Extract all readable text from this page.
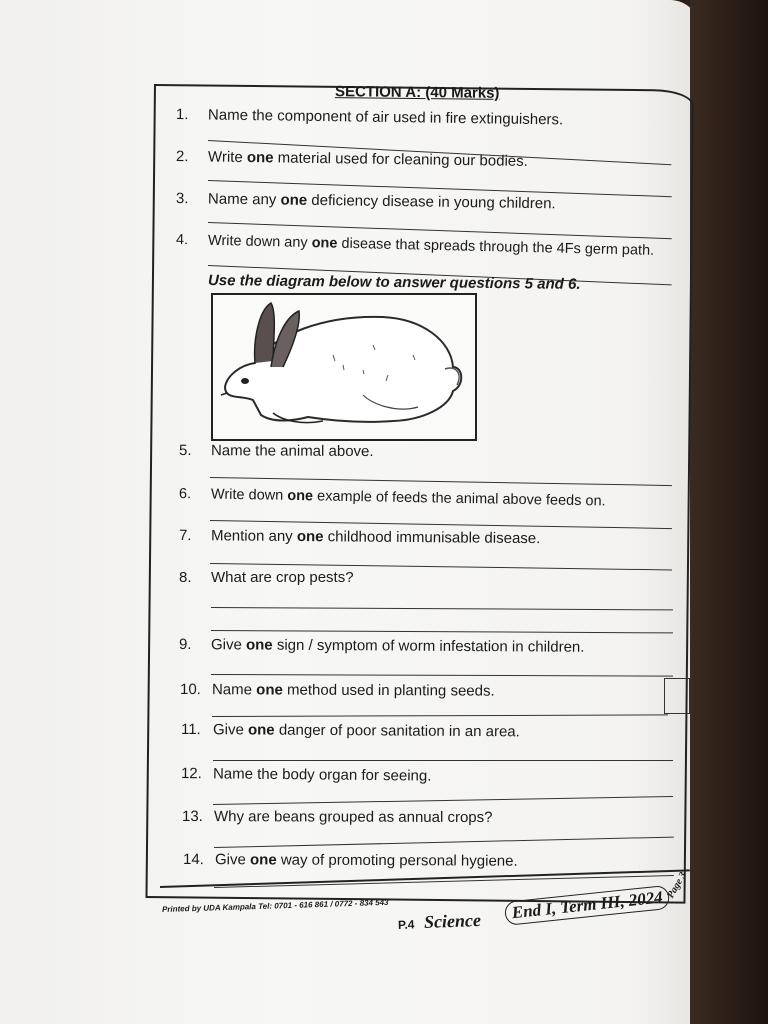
SECTION A: (40 Marks)
1. Name the component of air used in fire extinguishers.
2. Write one material used for cleaning our bodies.
3. Name any one deficiency disease in young children.
4. Write down any one disease that spreads through the 4Fs germ path.
Use the diagram below to answer questions 5 and 6.
5. Name the animal above.
6. Write down one example of feeds the animal above feeds on.
7. Mention any one childhood immunisable disease.
8. What are crop pests?
9. Give one sign / symptom of worm infestation in children.
10. Name one method used in planting seeds.
11. Give one danger of poor sanitation in an area.
12. Name the body organ for seeing.
13. Why are beans grouped as annual crops?
14. Give one way of promoting personal hygiene.
Printed by UDA Kampala Tel: 0701 - 616 861 / 0772 - 834 543
P.4 Science	End I, Term III, 2024
Page 3
